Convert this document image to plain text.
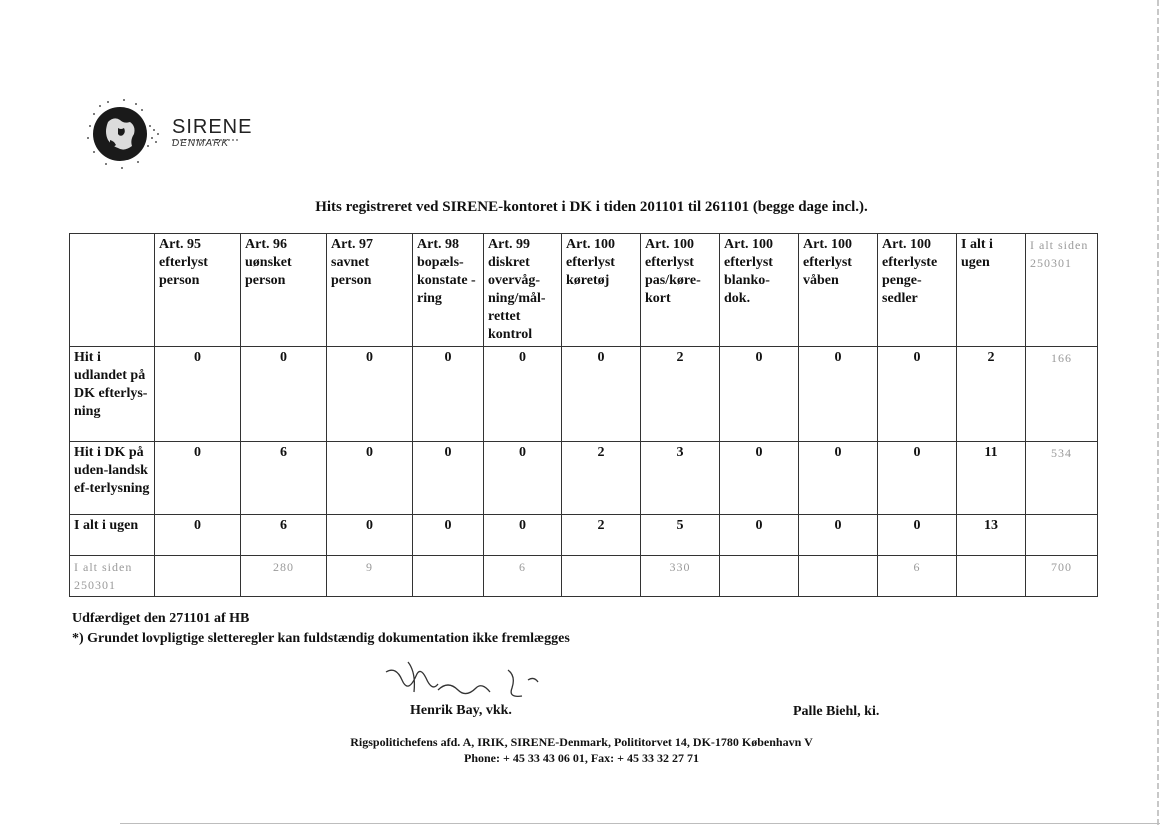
SIRENE
DENMARK
Hits registreret ved SIRENE-kontoret i DK i tiden 201101 til 261101 (begge dage incl.).
	Art. 95 efterlyst person	Art. 96 uønsket person	Art. 97 savnet person	Art. 98 bopæls-konstate -ring	Art. 99 diskret overvåg-ning/mål-rettet kontrol	Art. 100 efterlyst køretøj	Art. 100 efterlyst pas/køre-kort	Art. 100 efterlyst blanko-dok.	Art. 100 efterlyst våben	Art. 100 efterlyste penge-sedler	I alt i ugen	I alt siden 250301
Hit i udlandet på DK efterlys-ning	0	0	0	0	0	0	2	0	0	0	2	166
Hit i DK på uden-landsk ef-terlysning	0	6	0	0	0	2	3	0	0	0	11	534
I alt i ugen	0	6	0	0	0	2	5	0	0	0	13	
I alt siden 250301		280	9		6		330			6		700
Udfærdiget den 271101 af HB
*) Grundet lovpligtige sletteregler kan fuldstændig dokumentation ikke fremlægges
Henrik Bay, vkk.	Palle Biehl, ki.
Rigspolitichefens afd. A, IRIK, SIRENE-Denmark, Polititorvet 14, DK-1780 København V
Phone: + 45 33 43 06 01, Fax: + 45 33 32 27 71
